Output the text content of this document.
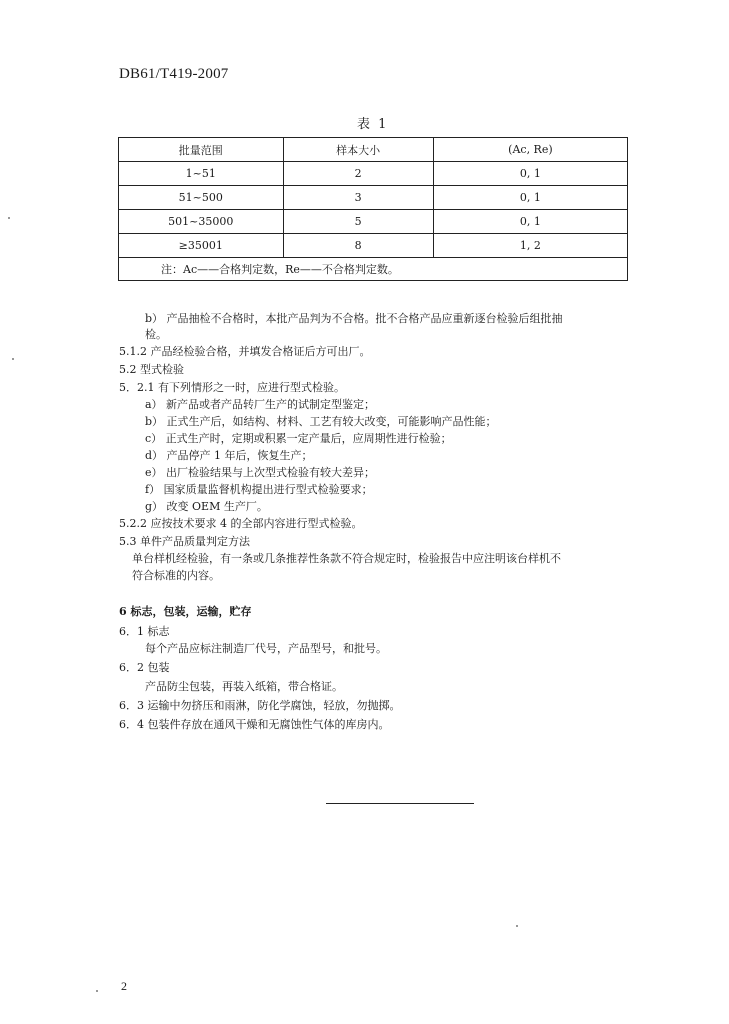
DB61/T419-2007
表 1
批量范围	样本大小	(Ac, Re)
1~51	2	0, 1
51~500	3	0, 1
501~35000	5	0, 1
≥35001	8	1, 2
注：Ac——合格判定数，Re——不合格判定数。		
b） 产品抽检不合格时，本批产品判为不合格。批不合格产品应重新逐台检验后组批抽
检。
5.1.2 产品经检验合格，并填发合格证后方可出厂。
5.2 型式检验
5．2.1 有下列情形之一时，应进行型式检验。
a） 新产品或者产品转厂生产的试制定型鉴定；
b） 正式生产后，如结构、材料、工艺有较大改变，可能影响产品性能；
c） 正式生产时，定期或积累一定产量后，应周期性进行检验；
d） 产品停产 1 年后，恢复生产；
e） 出厂检验结果与上次型式检验有较大差异；
f） 国家质量监督机构提出进行型式检验要求；
g） 改变 OEM 生产厂。
5.2.2 应按技术要求 4 的全部内容进行型式检验。
5.3 单件产品质量判定方法
单台样机经检验，有一条或几条推荐性条款不符合规定时，检验报告中应注明该台样机不
符合标准的内容。
6 标志，包装，运输，贮存
6．1 标志
每个产品应标注制造厂代号，产品型号，和批号。
6．2 包装
产品防尘包装，再装入纸箱，带合格证。
6．3 运输中勿挤压和雨淋，防化学腐蚀，轻放，勿抛掷。
6．4 包装件存放在通风干燥和无腐蚀性气体的库房内。
2
